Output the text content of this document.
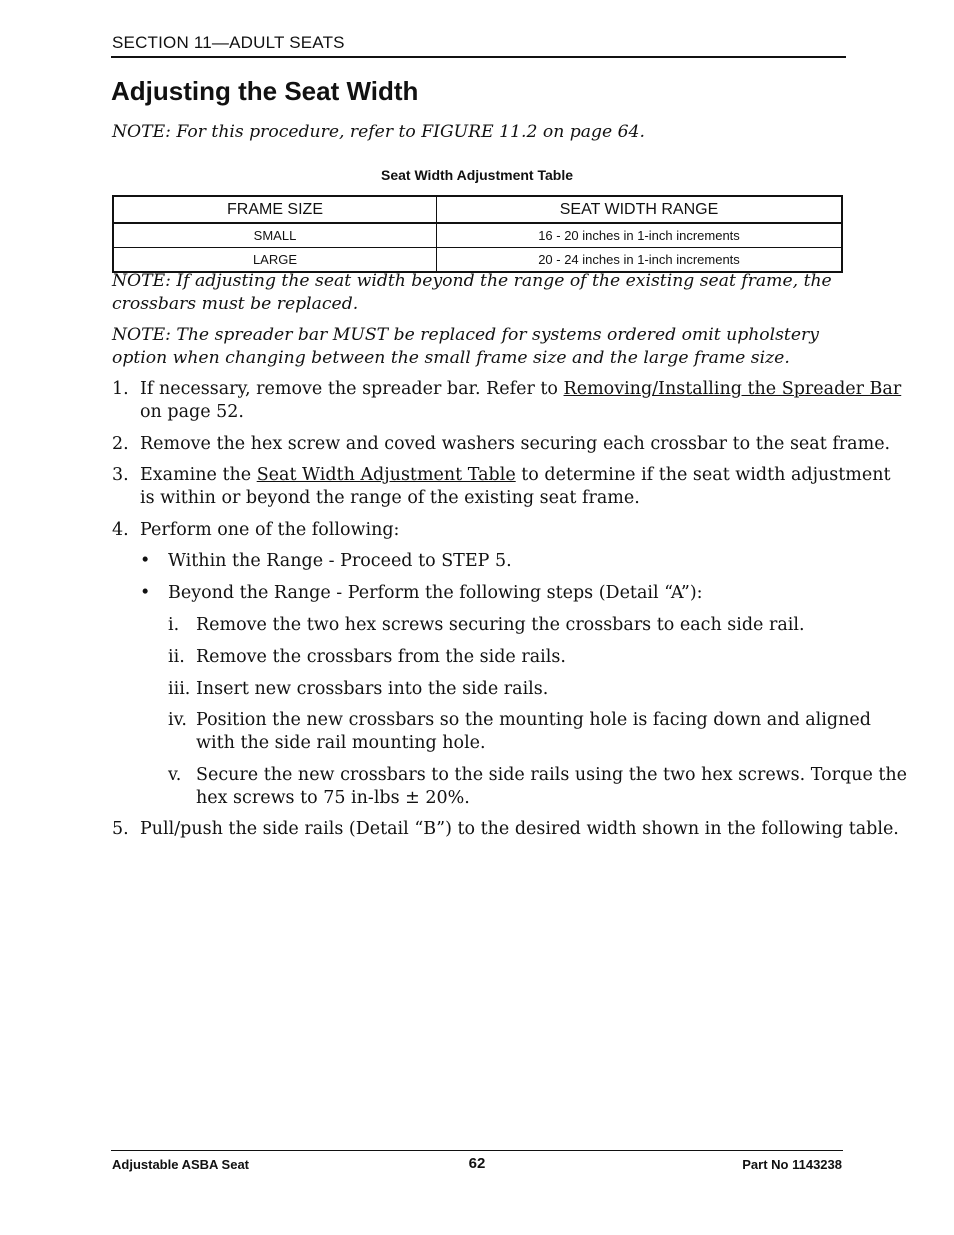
SECTION 11—ADULT SEATS
Adjusting the Seat Width
NOTE: For this procedure, refer to FIGURE 11.2 on page 64.
Seat Width Adjustment Table
FRAME SIZE	SEAT WIDTH RANGE
SMALL	16 - 20 inches in 1-inch increments
LARGE	20 - 24 inches in 1-inch increments
NOTE: If adjusting the seat width beyond the range of the existing seat frame, the crossbars must be replaced.
NOTE: The spreader bar MUST be replaced for systems ordered omit upholstery option when changing between the small frame size and the large frame size.
1. If necessary, remove the spreader bar. Refer to Removing/Installing the Spreader Bar
on page 52.
2. Remove the hex screw and coved washers securing each crossbar to the seat frame.
3. Examine the Seat Width Adjustment Table to determine if the seat width adjustment
is within or beyond the range of the existing seat frame.
4. Perform one of the following:
• Within the Range - Proceed to STEP 5.
• Beyond the Range - Perform the following steps (Detail “A”):
i. Remove the two hex screws securing the crossbars to each side rail.
ii. Remove the crossbars from the side rails.
iii. Insert new crossbars into the side rails.
iv. Position the new crossbars so the mounting hole is facing down and aligned
with the side rail mounting hole.
v. Secure the new crossbars to the side rails using the two hex screws. Torque the
hex screws to 75 in-lbs ± 20%.
5. Pull/push the side rails (Detail “B”) to the desired width shown in the following table.
Adjustable ASBA Seat	62	Part No 1143238
